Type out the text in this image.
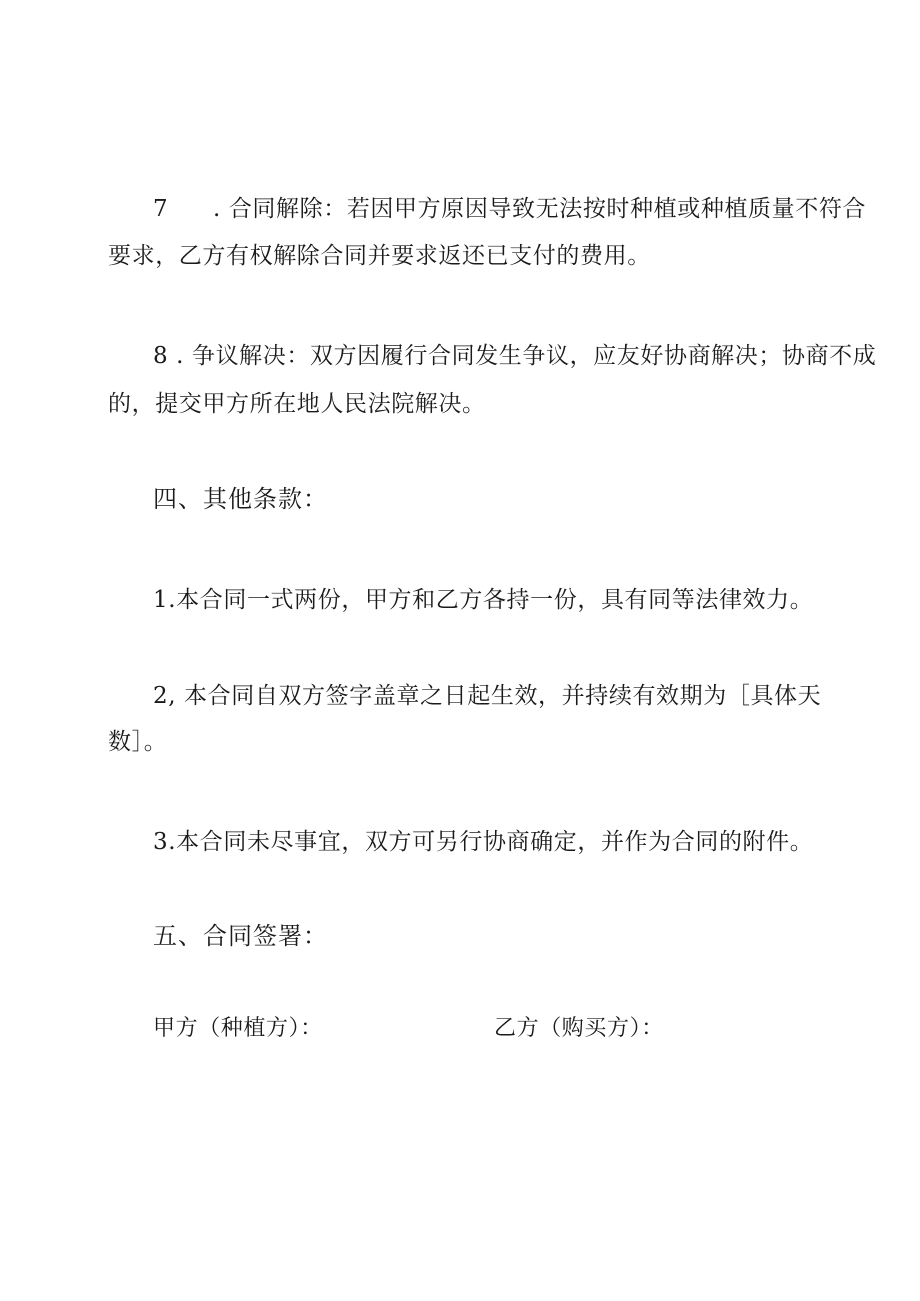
7 . 合同解除：若因甲方原因导致无法按时种植或种植质量不符合
要求，乙方有权解除合同并要求返还已支付的费用。
8 . 争议解决：双方因履行合同发生争议，应友好协商解决；协商不成
的，提交甲方所在地人民法院解决。
四、其他条款：
1.本合同一式两份，甲方和乙方各持一份，具有同等法律效力。
2, 本合同自双方签字盖章之日起生效，并持续有效期为［具体天
数］。
3.本合同未尽事宜，双方可另行协商确定，并作为合同的附件。
五、合同签署：
甲方（种植方）：	乙方（购买方）：
